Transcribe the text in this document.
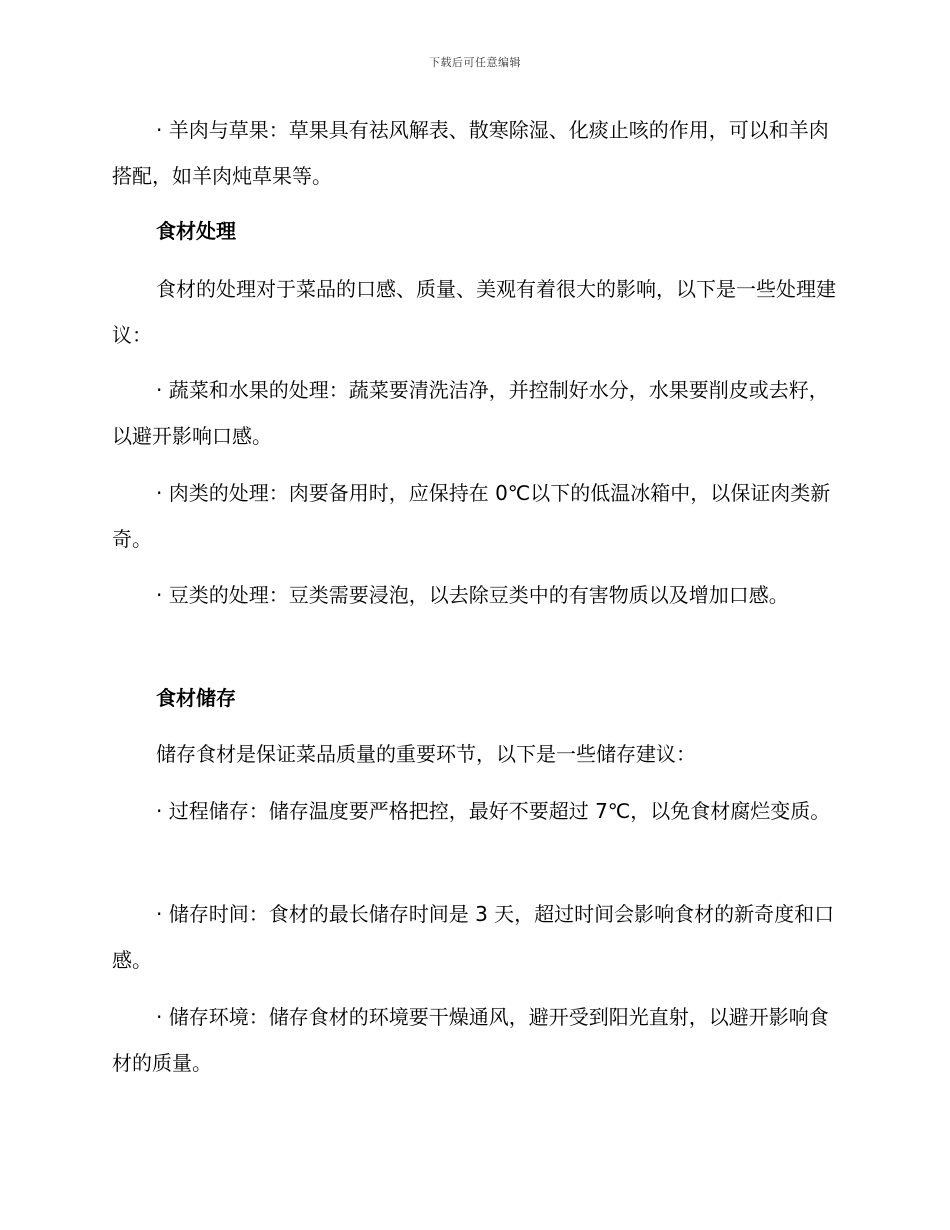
下载后可任意编辑

· 羊肉与草果：草果具有祛风解表、散寒除湿、化痰止咳的作用，可以和羊肉搭配，如羊肉炖草果等。

食材处理

食材的处理对于菜品的口感、质量、美观有着很大的影响，以下是一些处理建议：

· 蔬菜和水果的处理：蔬菜要清洗洁净，并控制好水分，水果要削皮或去籽，以避开影响口感。

· 肉类的处理：肉要备用时，应保持在 0℃以下的低温冰箱中，以保证肉类新奇。

· 豆类的处理：豆类需要浸泡，以去除豆类中的有害物质以及增加口感。

食材储存

储存食材是保证菜品质量的重要环节，以下是一些储存建议：

· 过程储存：储存温度要严格把控，最好不要超过 7℃，以免食材腐烂变质。

· 储存时间：食材的最长储存时间是 3 天，超过时间会影响食材的新奇度和口感。

· 储存环境：储存食材的环境要干燥通风，避开受到阳光直射，以避开影响食材的质量。
